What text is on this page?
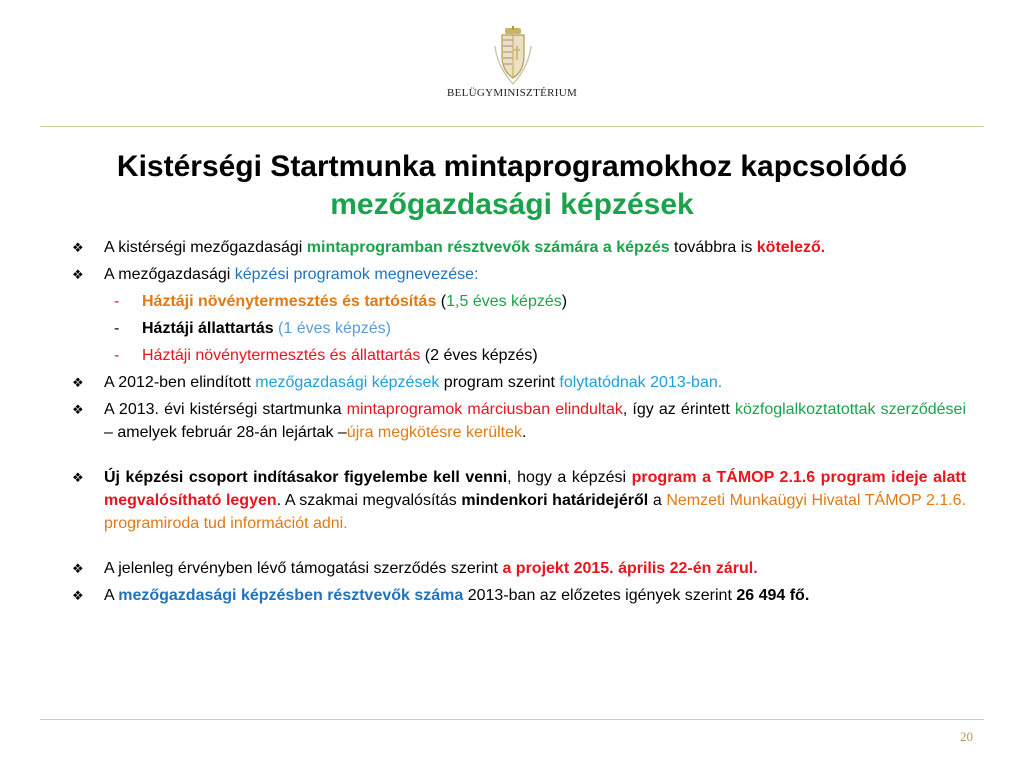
BELÜGYMINISZTÉRIUM
Kistérségi Startmunka mintaprogramokhoz kapcsolódó
mezőgazdasági képzések
❖ A kistérségi mezőgazdasági mintaprogramban résztvevők számára a képzés továbbra is kötelező.
❖ A mezőgazdasági képzési programok megnevezése:
- Háztáji növénytermesztés és tartósítás (1,5 éves képzés)
- Háztáji állattartás (1 éves képzés)
- Háztáji növénytermesztés és állattartás (2 éves képzés)
❖ A 2012-ben elindított mezőgazdasági képzések program szerint folytatódnak 2013-ban.
❖ A 2013. évi kistérségi startmunka mintaprogramok márciusban elindultak, így az érintett közfoglalkoztatottak szerződései – amelyek február 28-án lejártak –újra megkötésre kerültek.
❖ Új képzési csoport indításakor figyelembe kell venni, hogy a képzési program a TÁMOP 2.1.6 program ideje alatt megvalósítható legyen. A szakmai megvalósítás mindenkori határidejéről a Nemzeti Munkaügyi Hivatal TÁMOP 2.1.6. programiroda tud információt adni.
❖ A jelenleg érvényben lévő támogatási szerződés szerint a projekt 2015. április 22-én zárul.
❖ A mezőgazdasági képzésben résztvevők száma 2013-ban az előzetes igények szerint 26 494 fő.
20
